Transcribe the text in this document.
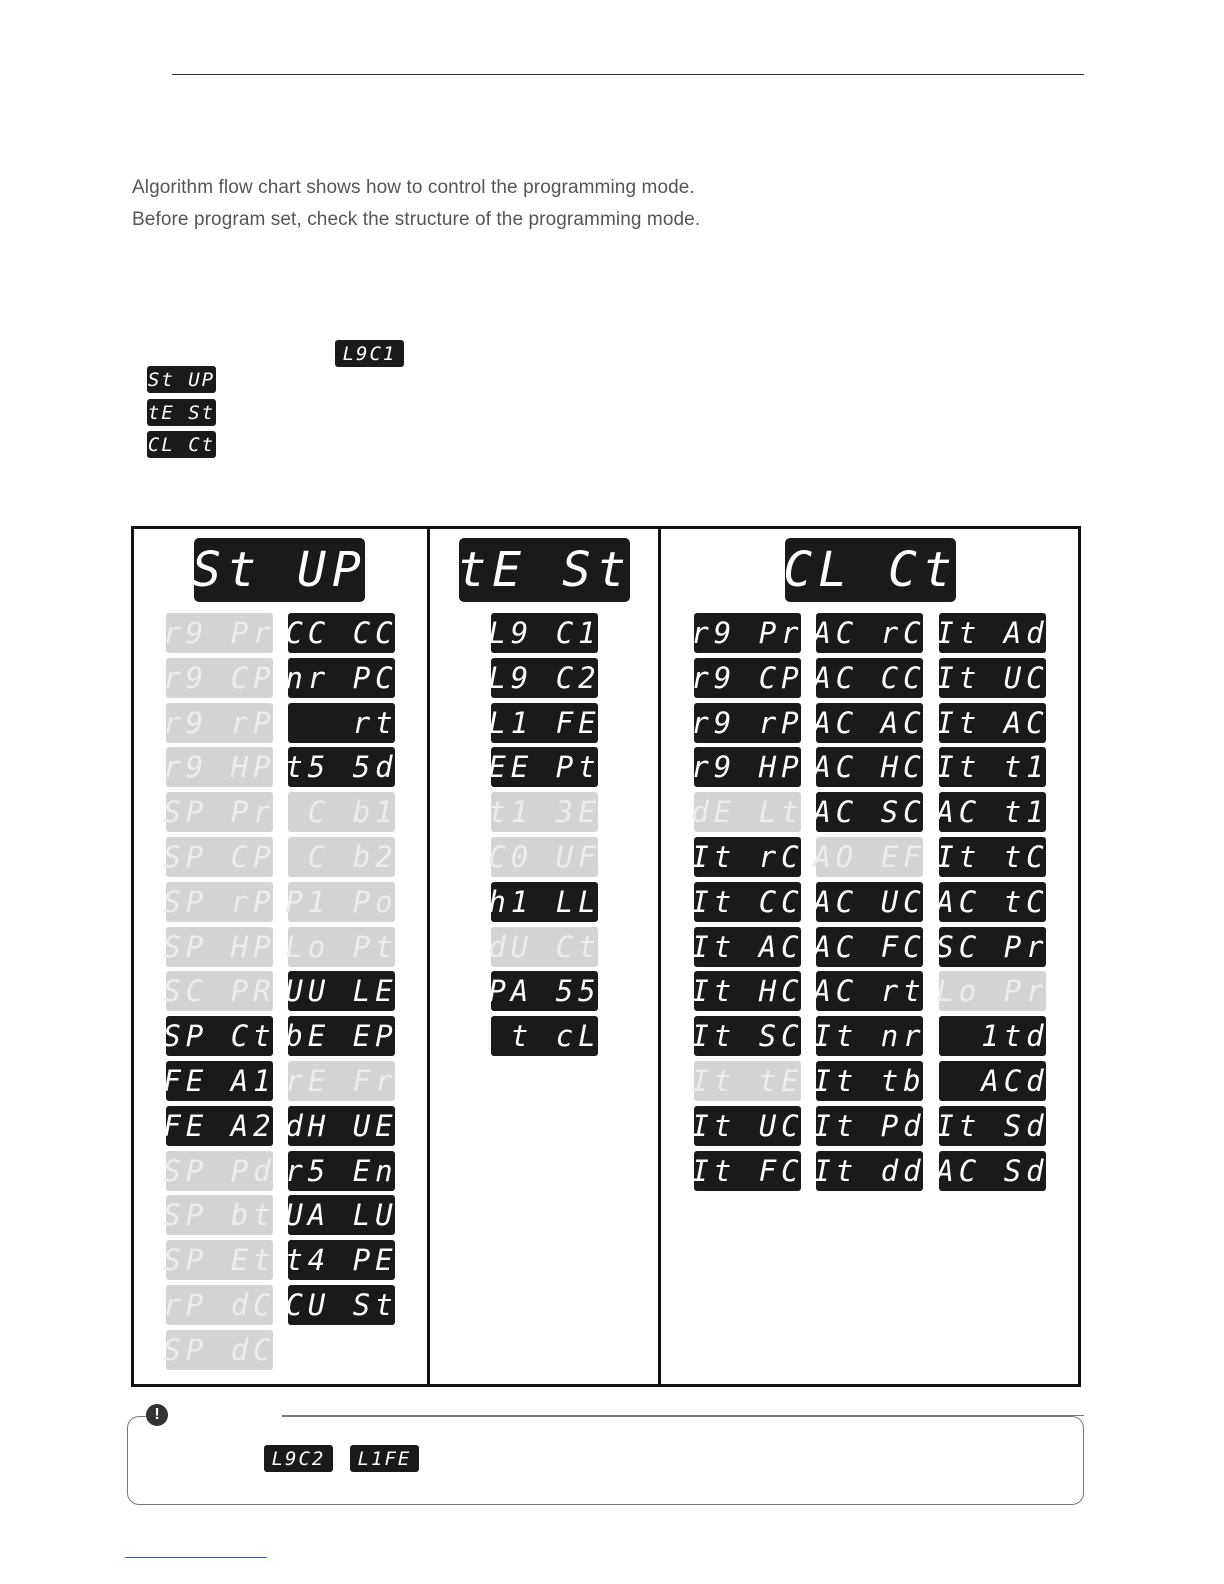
Algorithm flow chart shows how to control the programming mode.
Before program set, check the structure of the programming mode.
L9C1
St UP
tE St
CL Ct
St UP tE St	CL Ct
r9 Pr
r9 CP
r9 rP
r9 HP
SP Pr
SP CP
SP rP
SP HP
SC PR
SP Ct
FE A1
FE A2
SP Pd
SP bt
SP Et
rP dC
SP dC
CC CC
nr PC
rt
t5 5d
C b1
C b2
P1 Po
Lo Pt
UU LE
bE EP
rE Fr
dH UE
r5 En
UA LU
t4 PE
CU St
L9 C1
L9 C2
L1 FE
EE Pt
t1 3E
C0 UF
h1 LL
dU Ct
PA 55
t cL
r9 Pr
r9 CP
r9 rP
r9 HP
dE Lt
It rC
It CC
It AC
It HC
It SC
It tE
It UC
It FC
AC rC
AC CC
AC AC
AC HC
AC SC
AO EF
AC UC
AC FC
AC rt
It nr
It tb
It Pd
It dd
It Ad
It UC
It AC
It t1
AC t1
It tC
AC tC
SC Pr
Lo Pr
1td
ACd
It Sd
AC Sd
!
L9C2	L1FE
